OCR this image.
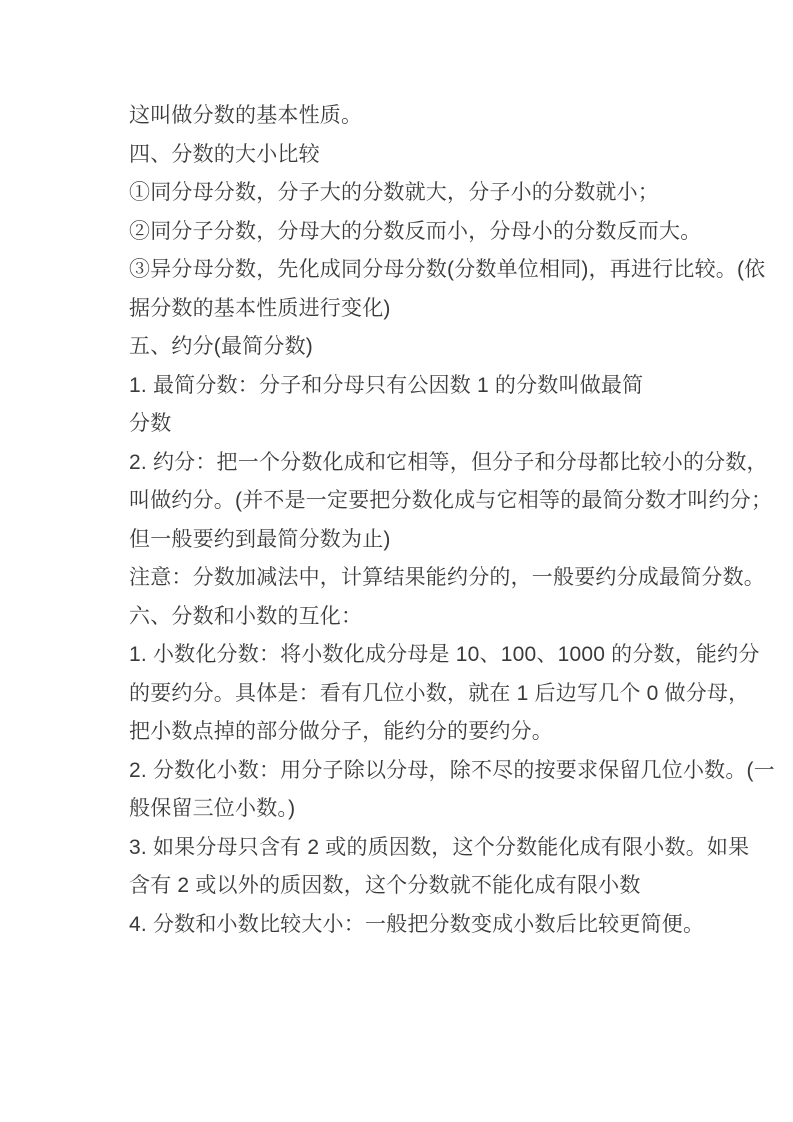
这叫做分数的基本性质。
四、分数的大小比较
①同分母分数，分子大的分数就大，分子小的分数就小；
②同分子分数，分母大的分数反而小，分母小的分数反而大。
③异分母分数，先化成同分母分数(分数单位相同)，再进行比较。(依
据分数的基本性质进行变化)
五、约分(最简分数)
1. 最简分数：分子和分母只有公因数 1 的分数叫做最简
分数
2. 约分：把一个分数化成和它相等，但分子和分母都比较小的分数，
叫做约分。(并不是一定要把分数化成与它相等的最简分数才叫约分；
但一般要约到最简分数为止)
注意：分数加减法中，计算结果能约分的，一般要约分成最简分数。
六、分数和小数的互化：
1. 小数化分数：将小数化成分母是 10、100、1000 的分数，能约分
的要约分。具体是：看有几位小数，就在 1 后边写几个 0 做分母，
把小数点掉的部分做分子，能约分的要约分。
2. 分数化小数：用分子除以分母，除不尽的按要求保留几位小数。(一
般保留三位小数。)
3. 如果分母只含有 2 或的质因数，这个分数能化成有限小数。如果
含有 2 或以外的质因数，这个分数就不能化成有限小数
4. 分数和小数比较大小：一般把分数变成小数后比较更简便。
